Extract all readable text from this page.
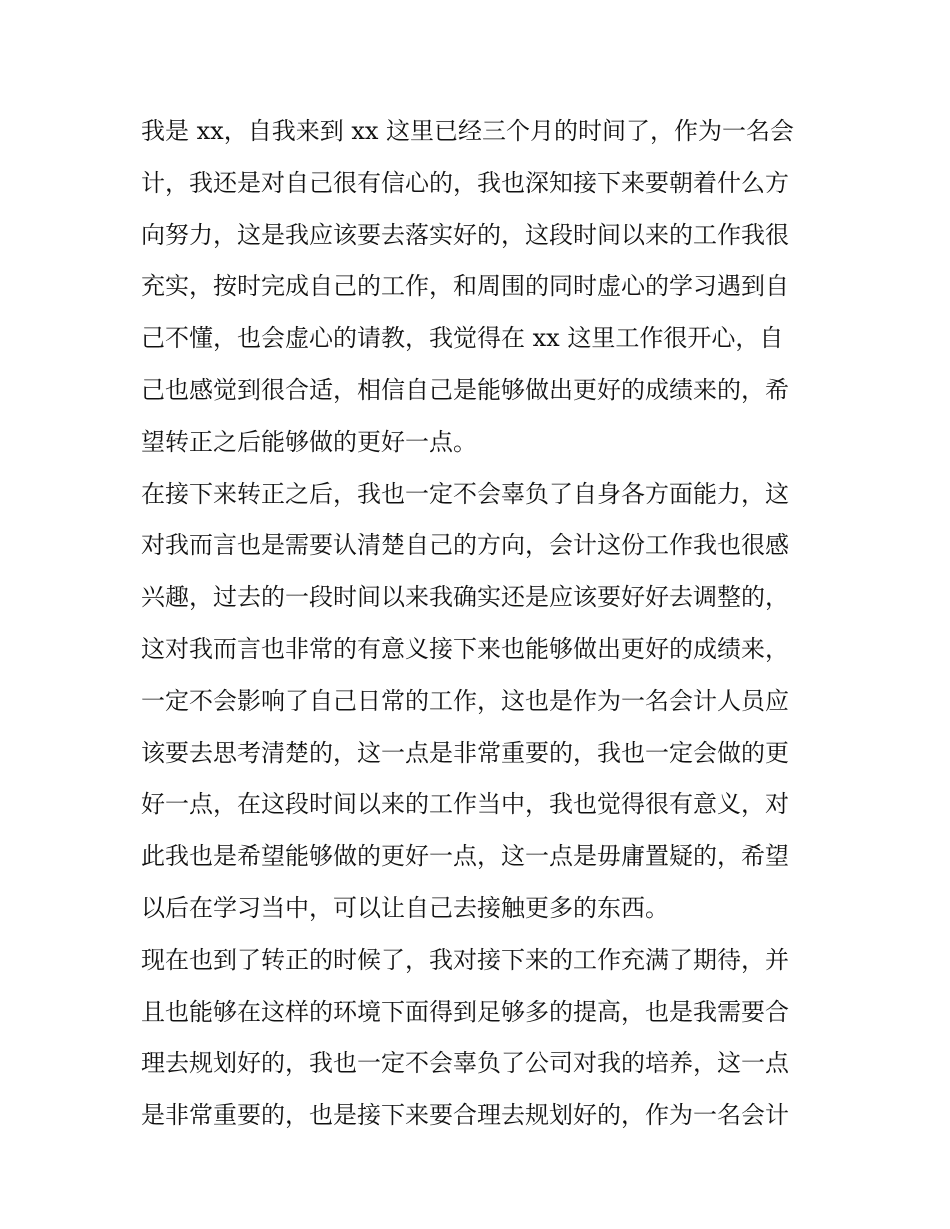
我是 xx，自我来到 xx 这里已经三个月的时间了，作为一名会
计，我还是对自己很有信心的，我也深知接下来要朝着什么方
向努力，这是我应该要去落实好的，这段时间以来的工作我很
充实，按时完成自己的工作，和周围的同时虚心的学习遇到自
己不懂，也会虚心的请教，我觉得在 xx 这里工作很开心，自
己也感觉到很合适，相信自己是能够做出更好的成绩来的，希
望转正之后能够做的更好一点。
在接下来转正之后，我也一定不会辜负了自身各方面能力，这
对我而言也是需要认清楚自己的方向，会计这份工作我也很感
兴趣，过去的一段时间以来我确实还是应该要好好去调整的，
这对我而言也非常的有意义接下来也能够做出更好的成绩来，
一定不会影响了自己日常的工作，这也是作为一名会计人员应
该要去思考清楚的，这一点是非常重要的，我也一定会做的更
好一点，在这段时间以来的工作当中，我也觉得很有意义，对
此我也是希望能够做的更好一点，这一点是毋庸置疑的，希望
以后在学习当中，可以让自己去接触更多的东西。
现在也到了转正的时候了，我对接下来的工作充满了期待，并
且也能够在这样的环境下面得到足够多的提高，也是我需要合
理去规划好的，我也一定不会辜负了公司对我的培养，这一点
是非常重要的，也是接下来要合理去规划好的，作为一名会计
